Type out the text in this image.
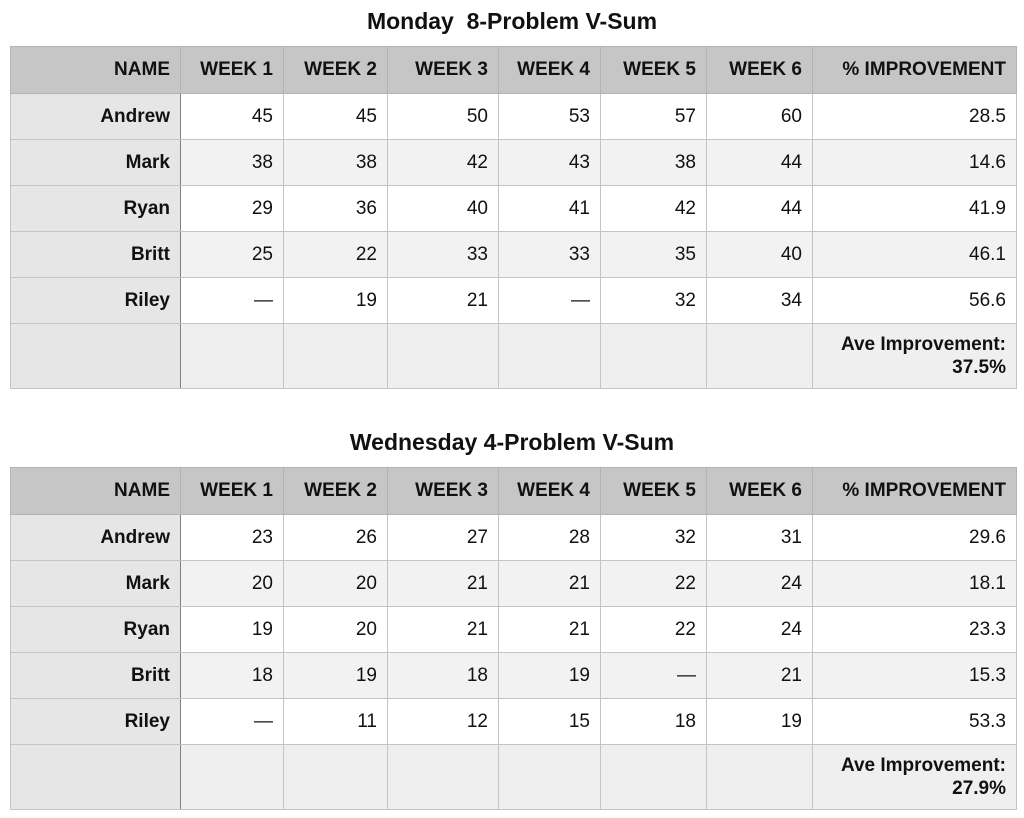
Monday  8-Problem V-Sum
NAME	WEEK 1	WEEK 2	WEEK 3	WEEK 4	WEEK 5	WEEK 6	% IMPROVEMENT
Andrew	45	45	50	53	57	60	28.5
Mark	38	38	42	43	38	44	14.6
Ryan	29	36	40	41	42	44	41.9
Britt	25	22	33	33	35	40	46.1
Riley	—	19	21	—	32	34	56.6

							Ave Improvement:
37.5%
Wednesday 4-Problem V-Sum
NAME	WEEK 1	WEEK 2	WEEK 3	WEEK 4	WEEK 5	WEEK 6	% IMPROVEMENT
Andrew	23	26	27	28	32	31	29.6
Mark	20	20	21	21	22	24	18.1
Ryan	19	20	21	21	22	24	23.3
Britt	18	19	18	19	—	21	15.3
Riley	—	11	12	15	18	19	53.3

							Ave Improvement:
27.9%
